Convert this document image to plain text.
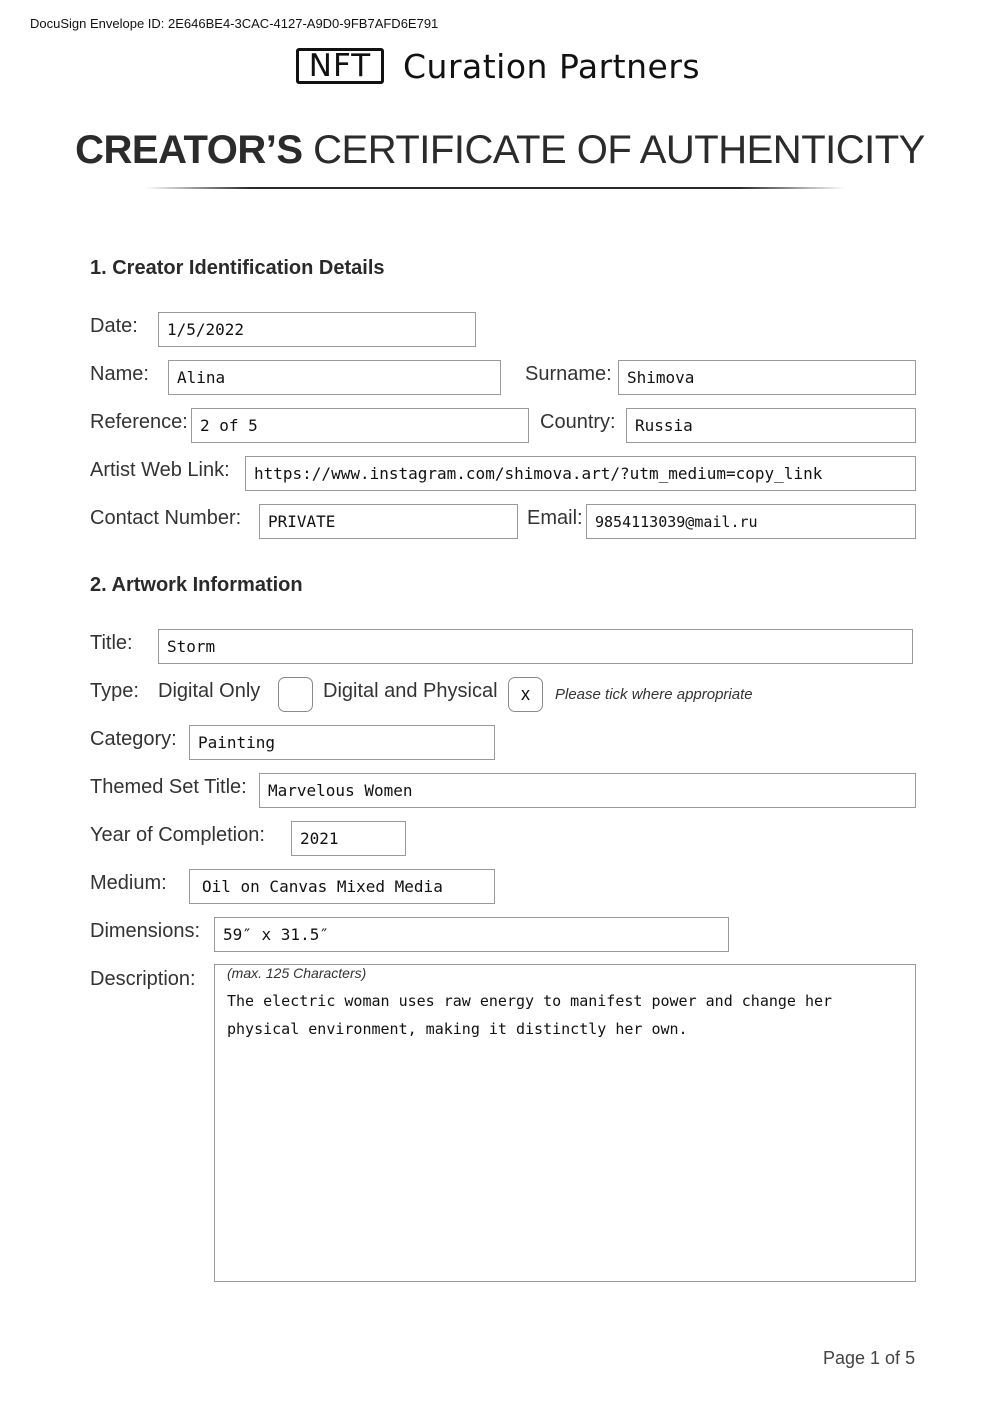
DocuSign Envelope ID: 2E646BE4-3CAC-4127-A9D0-9FB7AFD6E791
NFT Curation Partners
CREATOR’S CERTIFICATE OF AUTHENTICITY
1. Creator Identification Details
Date:	1/5/2022
Name:	Alina	Surname: Shimova
Reference: 2 of 5	Country:	Russia
Artist Web Link:	https://www.instagram.com/shimova.art/?utm_medium=copy_link
Contact Number:	PRIVATE	Email: 9854113039@mail.ru
2. Artwork Information
Title:	Storm
Type: Digital Only	Digital and Physical	x	Please tick where appropriate
Category:	Painting
Themed Set Title:	Marvelous Women
Year of Completion:	2021
Medium:	Oil on Canvas Mixed Media
Dimensions:	59″ x 31.5″
Description: (max. 125 Characters)
The electric woman uses raw energy to manifest power and change her physical environment, making it distinctly her own.
Page 1 of 5
